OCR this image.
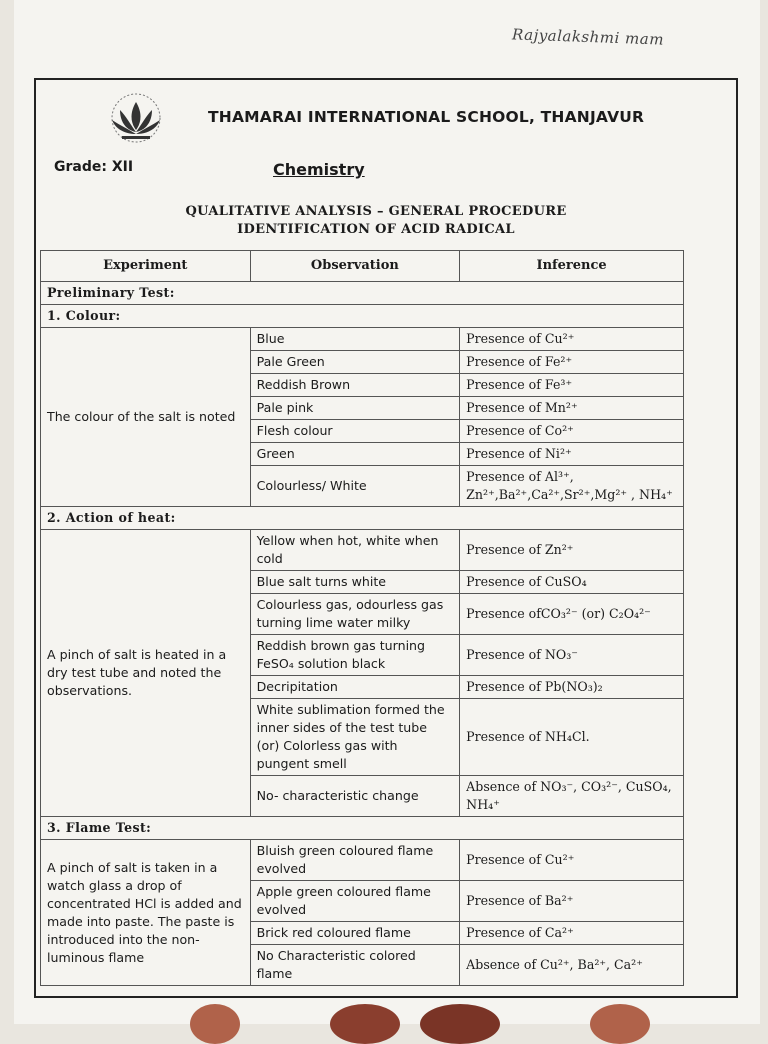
Rajyalakshmi mam
THAMARAI INTERNATIONAL SCHOOL, THANJAVUR
Grade: XII	Chemistry
QUALITATIVE ANALYSIS – GENERAL PROCEDURE
IDENTIFICATION OF ACID RADICAL
Experiment	Observation	Inference
Preliminary Test:		
1. Colour:		
The colour of the salt is noted	Blue	Presence of Cu²⁺
	Pale Green	Presence of Fe²⁺
	Reddish Brown	Presence of Fe³⁺
	Pale pink	Presence of Mn²⁺
	Flesh colour	Presence of Co²⁺
	Green	Presence of Ni²⁺
	Colourless/ White	Presence of Al³⁺, Zn²⁺,Ba²⁺,Ca²⁺,Sr²⁺,Mg²⁺ , NH₄⁺
2. Action of heat:		
A pinch of salt is heated in a dry test tube and noted the observations.	Yellow when hot, white when cold	Presence of Zn²⁺
	Blue salt turns white	Presence of CuSO₄
	Colourless gas, odourless gas turning lime water milky	Presence ofCO₃²⁻ (or) C₂O₄²⁻
	Reddish brown gas turning FeSO₄ solution black	Presence of NO₃⁻
	Decripitation	Presence of Pb(NO₃)₂
	White sublimation formed the inner sides of the test tube (or) Colorless gas with pungent smell	Presence of NH₄Cl.
	No- characteristic change	Absence of NO₃⁻, CO₃²⁻, CuSO₄, NH₄⁺
3. Flame Test:		
A pinch of salt is taken in a watch glass a drop of concentrated HCl is added and made into paste. The paste is introduced into the non-luminous flame	Bluish green coloured flame evolved	Presence of Cu²⁺
	Apple green coloured flame evolved	Presence of Ba²⁺
	Brick red coloured flame	Presence of Ca²⁺
	No Characteristic colored flame	Absence of Cu²⁺, Ba²⁺, Ca²⁺
